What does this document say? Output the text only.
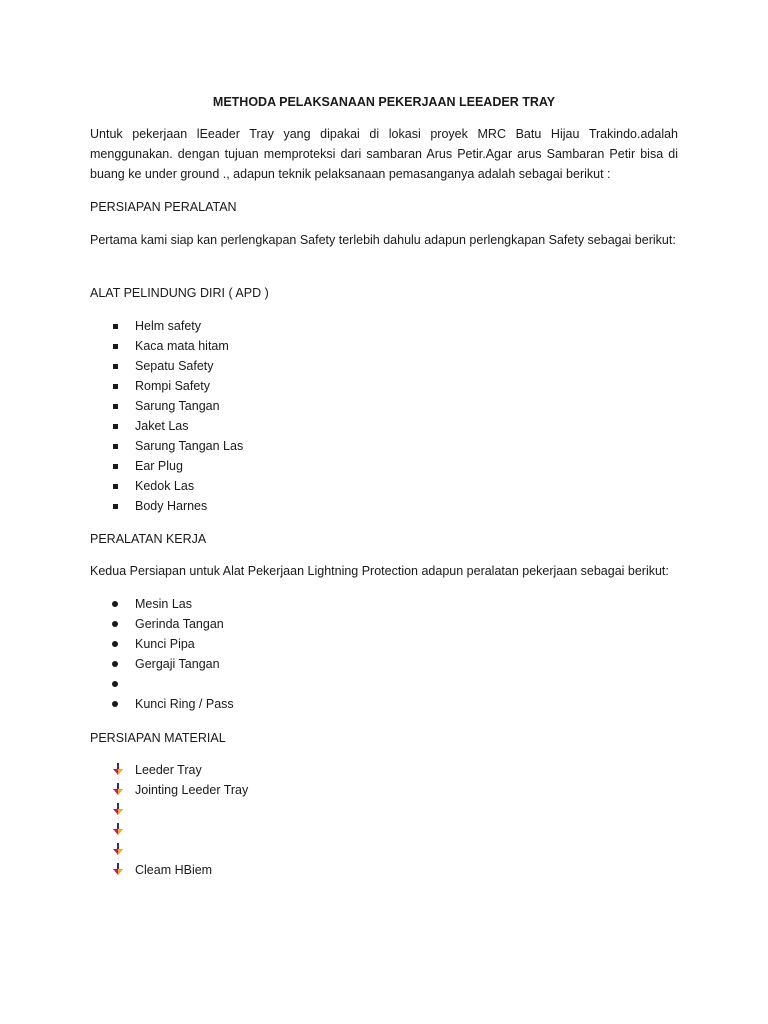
METHODA PELAKSANAAN PEKERJAAN LEEADER TRAY

Untuk pekerjaan lEeader Tray yang dipakai di lokasi proyek MRC Batu Hijau Trakindo.adalah menggunakan. dengan tujuan memproteksi dari sambaran Arus Petir.Agar arus Sambaran Petir bisa di buang ke under ground ., adapun teknik pelaksanaan pemasanganya adalah sebagai berikut :

PERSIAPAN PERALATAN

Pertama kami siap kan perlengkapan Safety terlebih dahulu adapun perlengkapan Safety sebagai berikut:

ALAT PELINDUNG DIRI ( APD )

Helm safety
Kaca mata hitam
Sepatu Safety
Rompi Safety
Sarung Tangan
Jaket Las
Sarung Tangan Las
Ear Plug
Kedok Las
Body Harnes

PERALATAN KERJA

Kedua Persiapan untuk Alat Pekerjaan Lightning Protection adapun peralatan pekerjaan sebagai berikut:

Mesin Las
Gerinda Tangan
Kunci Pipa
Gergaji Tangan
Kunci Ring / Pass

PERSIAPAN MATERIAL

Leeder Tray
Jointing Leeder Tray
Cleam HBiem
